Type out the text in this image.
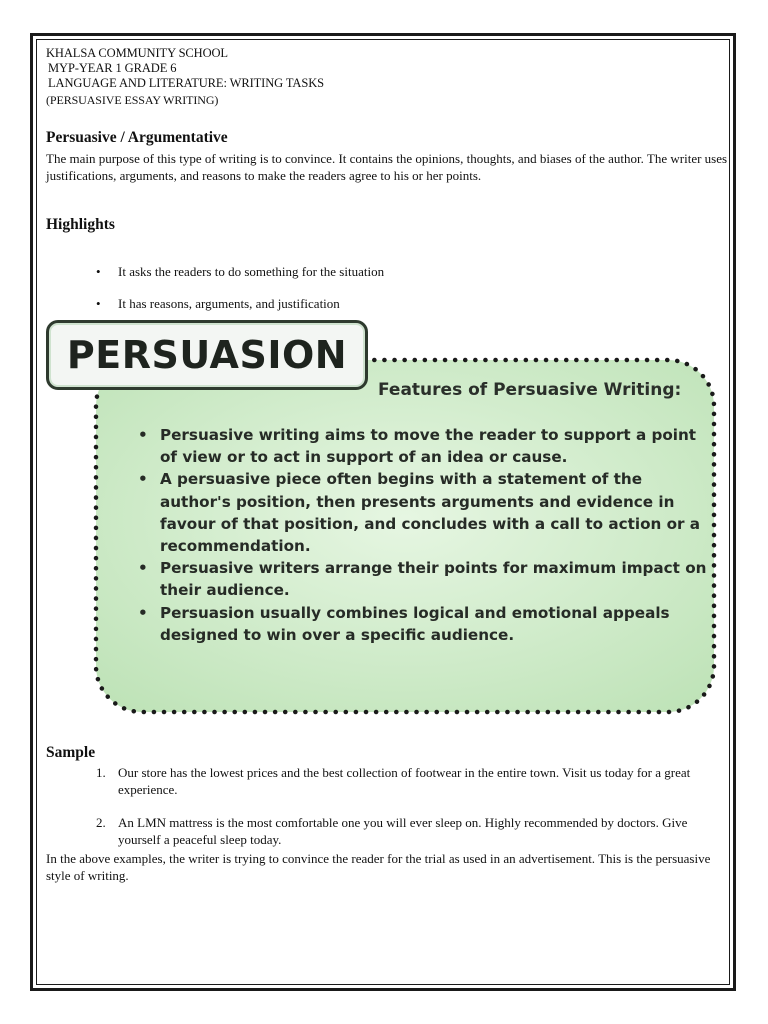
KHALSA COMMUNITY SCHOOL
MYP-YEAR 1 GRADE 6
LANGUAGE AND LITERATURE: WRITING TASKS
(PERSUASIVE ESSAY WRITING)
Persuasive / Argumentative
The main purpose of this type of writing is to convince. It contains the opinions, thoughts, and biases of the author. The writer uses justifications, arguments, and reasons to make the readers agree to his or her points.
Highlights
• It asks the readers to do something for the situation
• It has reasons, arguments, and justification
PERSUASION
Features of Persuasive Writing:
• Persuasive writing aims to move the reader to support a point of view or to act in support of an idea or cause.
• A persuasive piece often begins with a statement of the author's position, then presents arguments and evidence in favour of that position, and concludes with a call to action or a recommendation.
• Persuasive writers arrange their points for maximum impact on their audience.
• Persuasion usually combines logical and emotional appeals designed to win over a specific audience.
Sample
1. Our store has the lowest prices and the best collection of footwear in the entire town. Visit us today for a great experience.
2. An LMN mattress is the most comfortable one you will ever sleep on. Highly recommended by doctors. Give yourself a peaceful sleep today.
In the above examples, the writer is trying to convince the reader for the trial as used in an advertisement. This is the persuasive style of writing.
